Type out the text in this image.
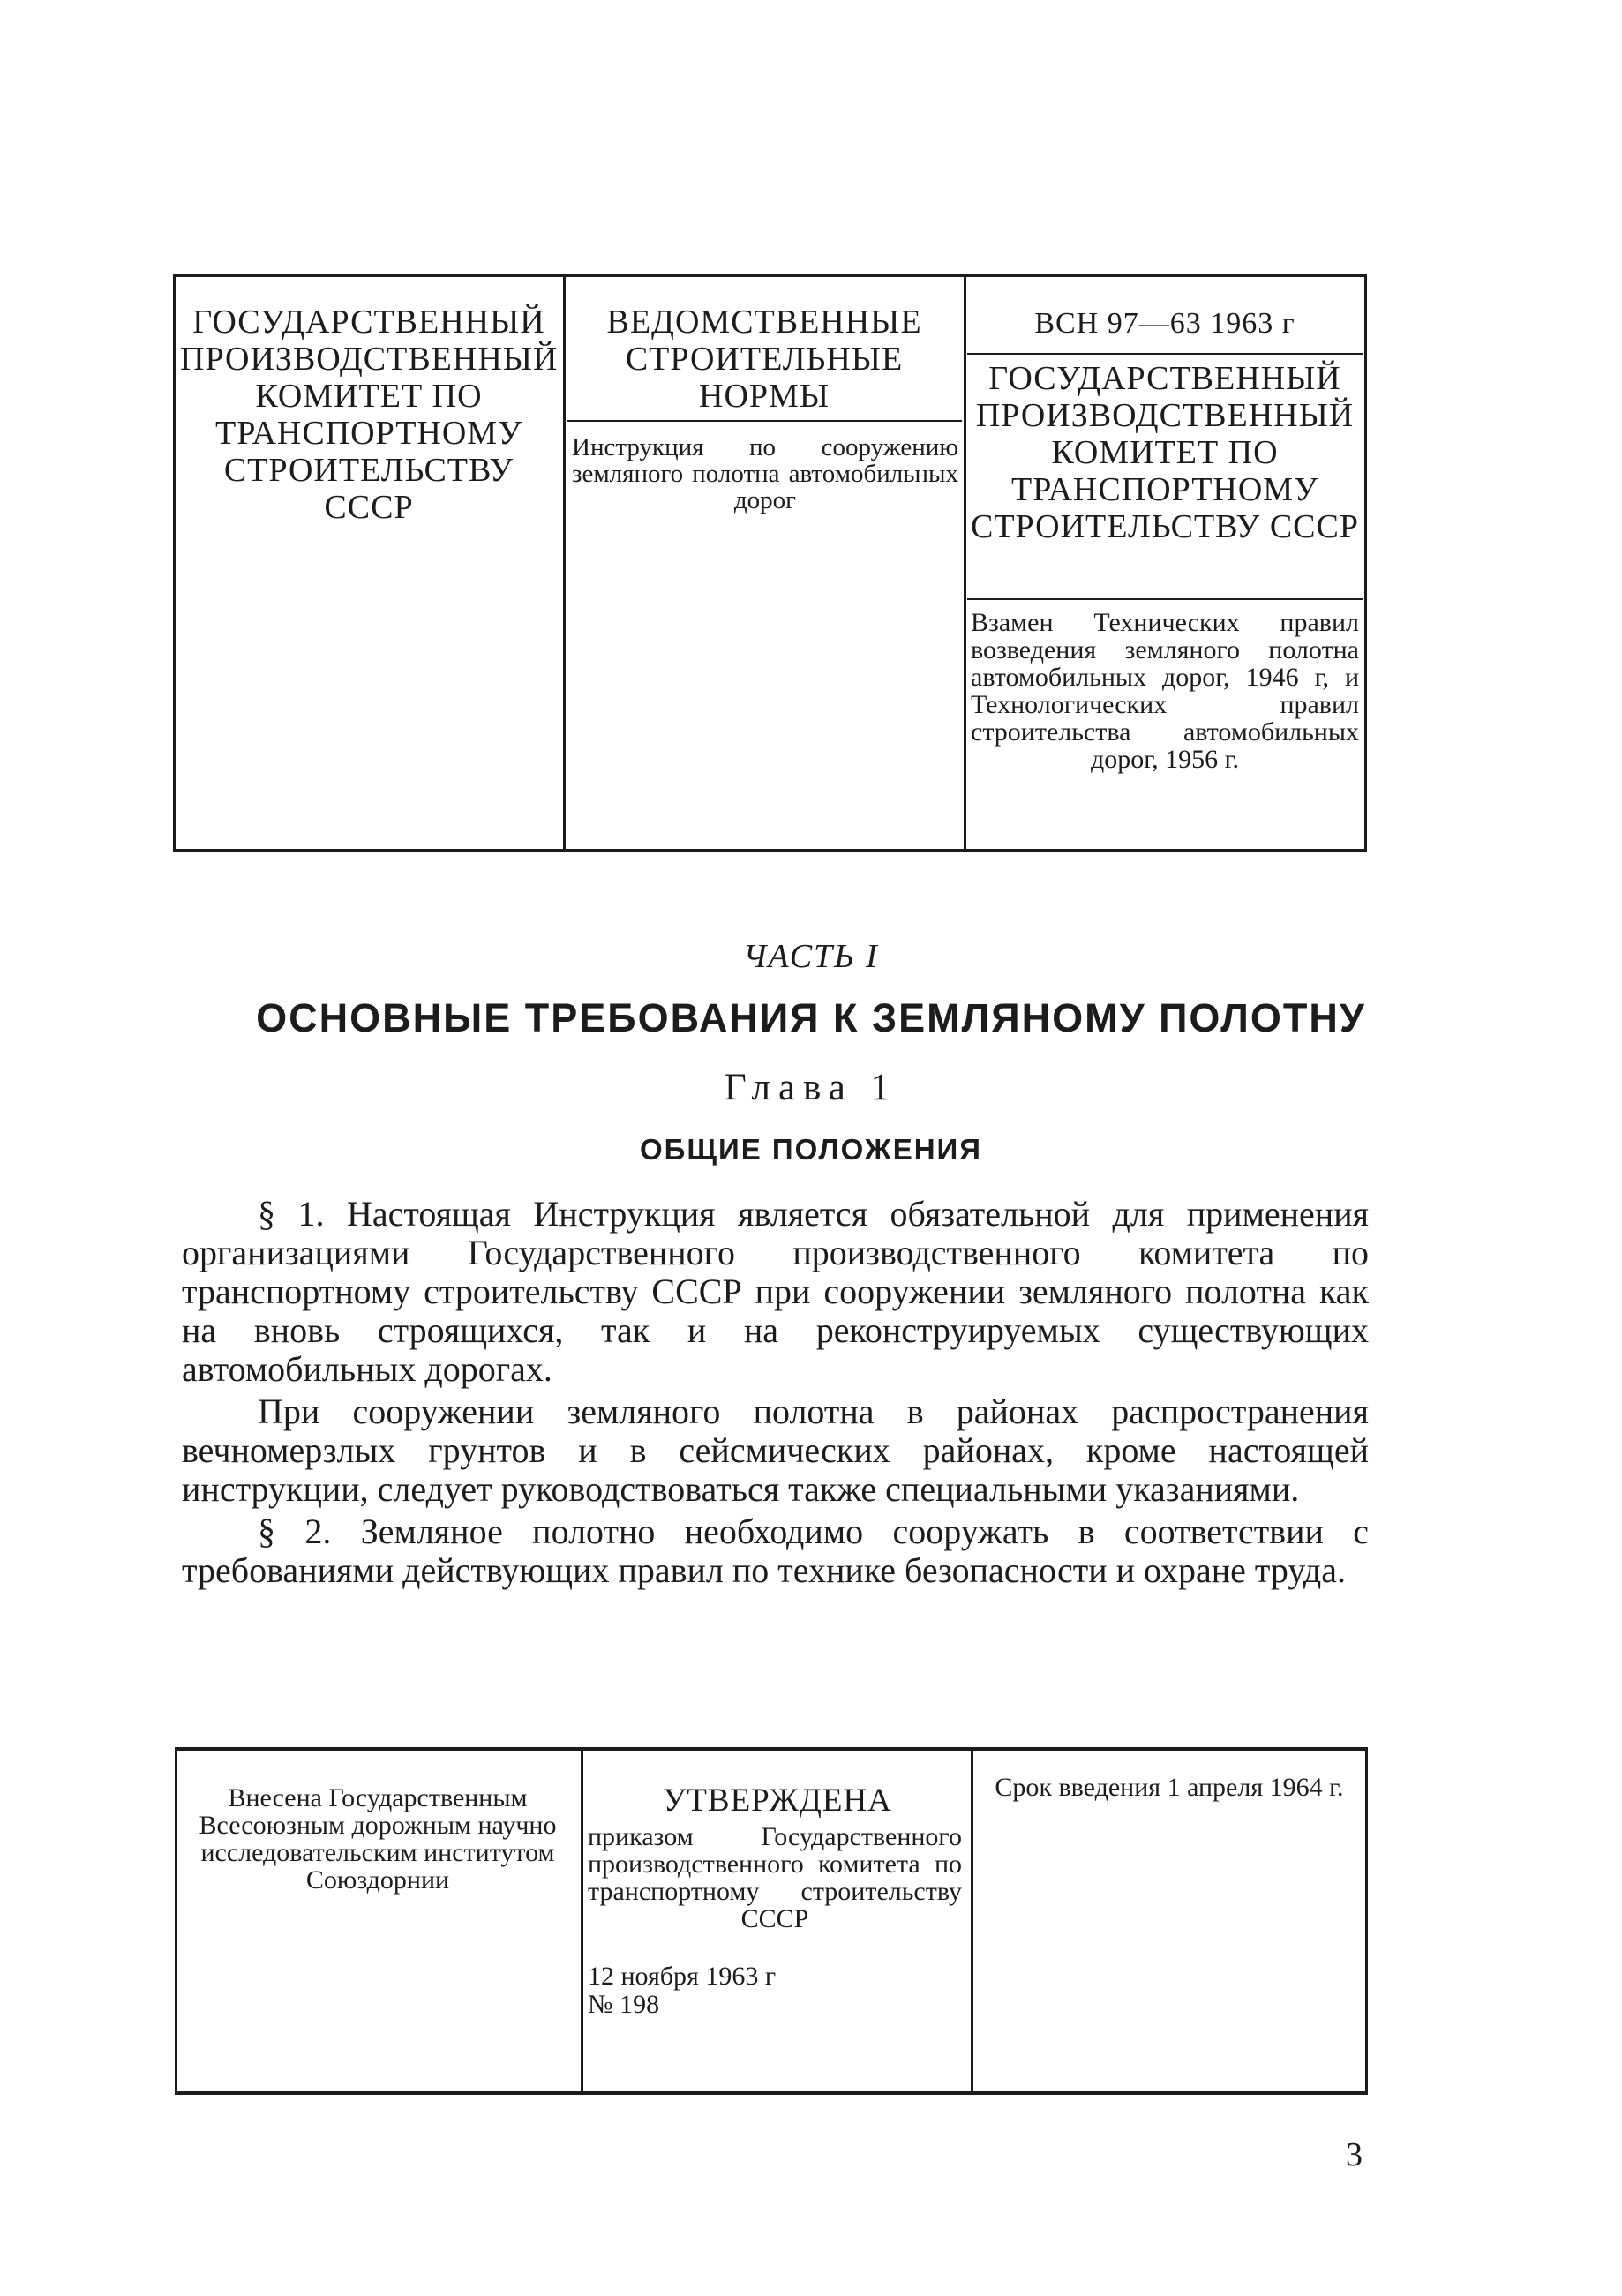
ГОСУДАРСТВЕННЫЙ ПРОИЗВОДСТВЕННЫЙ КОМИТЕТ ПО ТРАНСПОРТНОМУ СТРОИТЕЛЬСТВУ СССР
ВЕДОМСТВЕННЫЕ СТРОИТЕЛЬНЫЕ НОРМЫ
Инструкция по сооружению земляного полотна автомобильных дорог
ВСН 97—63 1963 г
ГОСУДАРСТВЕННЫЙ ПРОИЗВОДСТВЕННЫЙ КОМИТЕТ ПО ТРАНСПОРТНОМУ СТРОИТЕЛЬСТВУ СССР
Взамен Технических правил возведения земляного полотна автомобильных дорог, 1946 г, и Технологических правил строительства автомобильных дорог, 1956 г.
ЧАСТЬ I
ОСНОВНЫЕ ТРЕБОВАНИЯ К ЗЕМЛЯНОМУ ПОЛОТНУ
Глава 1
ОБЩИЕ ПОЛОЖЕНИЯ

§ 1. Настоящая Инструкция является обязательной для применения организациями Государственного производственного комитета по транспортному строительству СССР при сооружении земляного полотна как на вновь строящихся, так и на реконструируемых существующих автомобильных дорогах.

При сооружении земляного полотна в районах распространения вечномерзлых грунтов и в сейсмических районах, кроме настоящей инструкции, следует руководствоваться также специальными указаниями.

§ 2. Земляное полотно необходимо сооружать в соответствии с требованиями действующих правил по технике безопасности и охране труда.

Внесена Государственным Всесоюзным дорожным научно исследовательским институтом Союздорнии
УТВЕРЖДЕНА
приказом Государственного производственного комитета по транспортному строительству СССР
12 ноября 1963 г
№ 198
Срок введения 1 апреля 1964 г.
3
